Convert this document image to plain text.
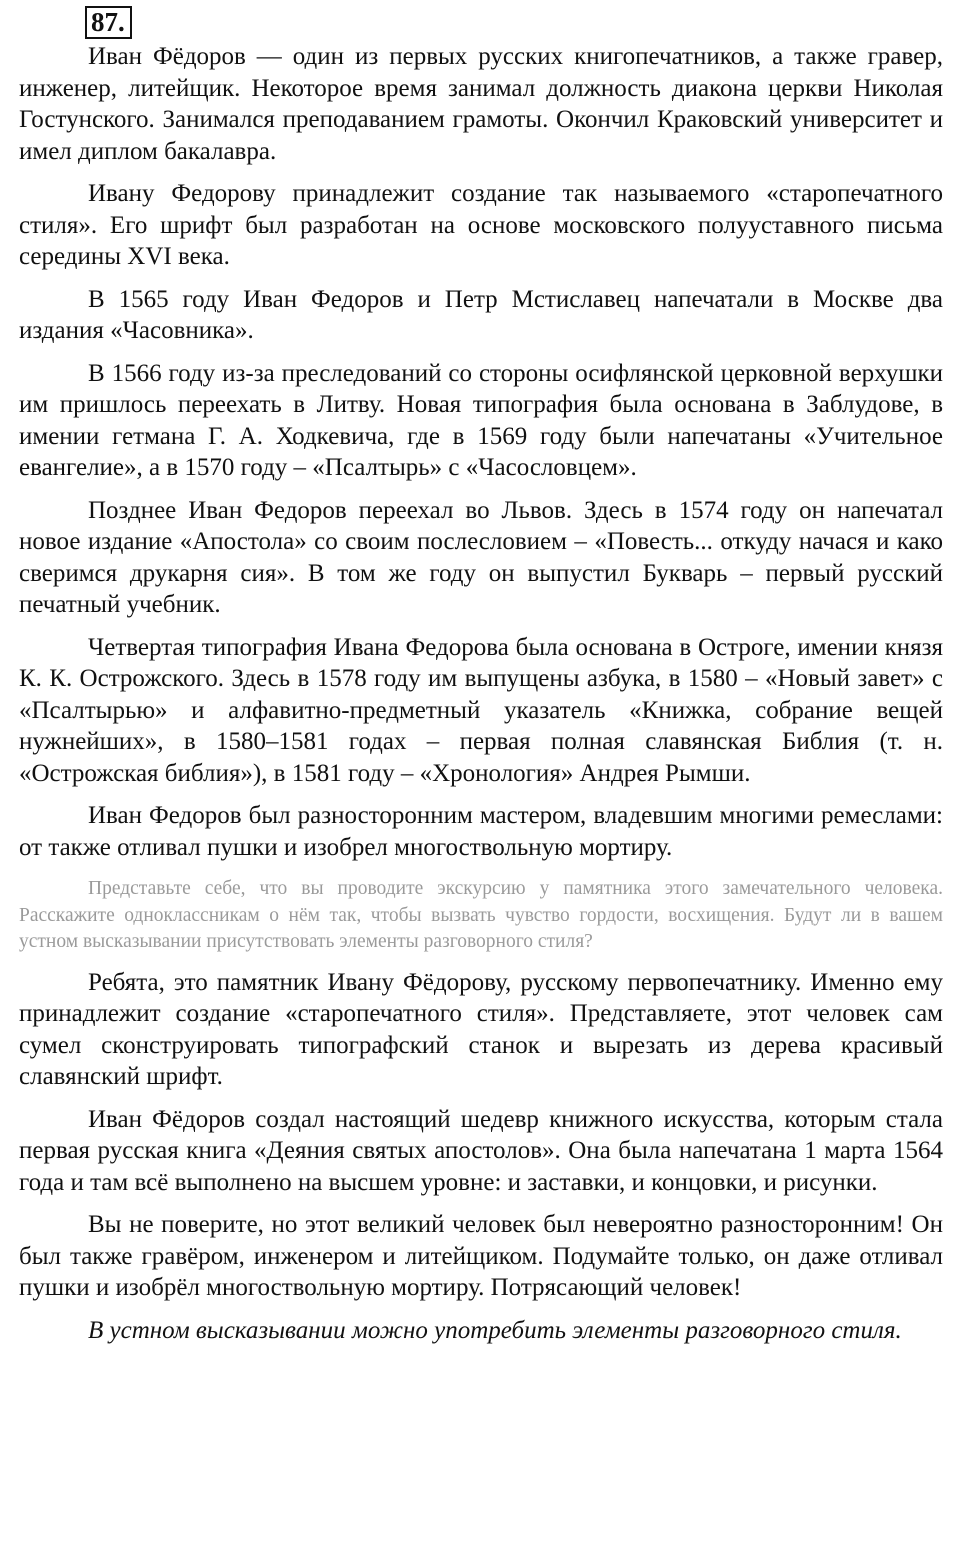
87.

Иван Фёдоров — один из первых русских книгопечатников, а также гравер, инженер, литейщик. Некоторое время занимал должность диакона церкви Николая Гостунского. Занимался преподаванием грамоты. Окончил Краковский университет и имел диплом бакалавра.

Ивану Федорову принадлежит создание так называемого «старопечатного стиля». Его шрифт был разработан на основе московского полууставного письма середины XVI века.

В 1565 году Иван Федоров и Петр Мстиславец напечатали в Москве два издания «Часовника».

В 1566 году из-за преследований со стороны осифлянской церковной верхушки им пришлось переехать в Литву. Новая типография была основана в Заблудове, в имении гетмана Г. А. Ходкевича, где в 1569 году были напечатаны «Учительное евангелие», а в 1570 году – «Псалтырь» с «Часословцем».

Позднее Иван Федоров переехал во Львов. Здесь в 1574 году он напечатал новое издание «Апостола» со своим послесловием – «Повесть... откуду начася и како сверимся друкарня сия». В том же году он выпустил Букварь – первый русский печатный учебник.

Четвертая типография Ивана Федорова была основана в Остроге, имении князя К. К. Острожского. Здесь в 1578 году им выпущены азбука, в 1580 – «Новый завет» с «Псалтырью» и алфавитно-предметный указатель «Книжка, собрание вещей нужнейших», в 1580–1581 годах – первая полная славянская Библия (т. н. «Острожская библия»), в 1581 году – «Хронология» Андрея Рымши.

Иван Федоров был разносторонним мастером, владевшим многими ремеслами: от также отливал пушки и изобрел многоствольную мортиру.

Представьте себе, что вы проводите экскурсию у памятника этого замечательного человека. Расскажите одноклассникам о нём так, чтобы вызвать чувство гордости, восхищения. Будут ли в вашем устном высказывании присутствовать элементы разговорного стиля?

Ребята, это памятник Ивану Фёдорову, русскому первопечатнику. Именно ему принадлежит создание «старопечатного стиля». Представляете, этот человек сам сумел сконструировать типографский станок и вырезать из дерева красивый славянский шрифт.

Иван Фёдоров создал настоящий шедевр книжного искусства, которым стала первая русская книга «Деяния святых апостолов». Она была напечатана 1 марта 1564 года и там всё выполнено на высшем уровне: и заставки, и концовки, и рисунки.

Вы не поверите, но этот великий человек был невероятно разносторонним! Он был также гравёром, инженером и литейщиком. Подумайте только, он даже отливал пушки и изобрёл многоствольную мортиру. Потрясающий человек!

В устном высказывании можно употребить элементы разговорного стиля.
